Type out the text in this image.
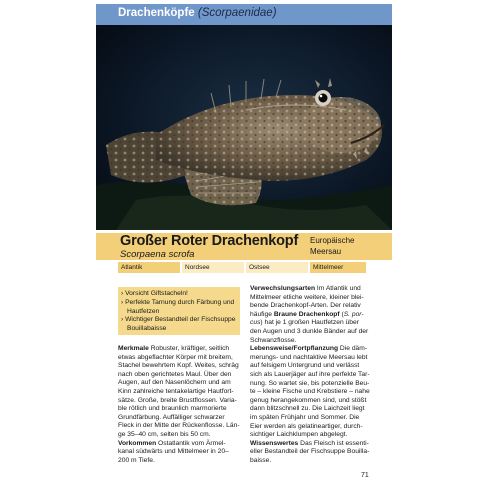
Drachenköpfe (Scorpaenidae)
Großer Roter Drachenkopf
Scorpaena scrofa
Europäische
Meersau
Atlantik	Nordsee	Ostsee	Mittelmeer
› Vorsicht Giftstacheln!
› Perfekte Tarnung durch Färbung und
Hautfetzen
› Wichtiger Bestandteil der Fischsuppe
Bouillabaisse
Merkmale Robuster, kräftiger, seitlich
etwas abgeflachter Körper mit breitem,
Stachel bewehrtem Kopf. Weites, schräg
nach oben gerichtetes Maul. Über den
Augen, auf den Nasenlöchern und am
Kinn zahlreiche tentakelartige Hautfort-
sätze. Große, breite Brustflossen. Varia-
ble rötlich und braunlich marmorierte
Grundfärbung. Auffälliger schwarzer
Fleck in der Mitte der Rückenflosse. Län-
ge 35–40 cm, selten bis 50 cm.
Vorkommen Ostatlantik vom Ärmel-
kanal südwärts und Mittelmeer in 20–
200 m Tiefe.
Verwechslungsarten Im Atlantik und
Mittelmeer etliche weitere, kleiner blei-
bende Drachenkopf-Arten. Der relativ
häufige Braune Drachenkopf (S. por-
cus) hat je 1 großen Hautfetzen über
den Augen und 3 dunkle Bänder auf der
Schwanzflosse.
Lebensweise/Fortpflanzung Die däm-
merungs- und nachtaktive Meersau lebt
auf felsigem Untergrund und verlässt
sich als Lauerjäger auf ihre perfekte Tar-
nung. So wartet sie, bis potenzielle Beu-
te – kleine Fische und Krebstiere – nahe
genug herangekommen sind, und stößt
dann blitzschnell zu. Die Laichzeit liegt
im späten Frühjahr und Sommer. Die
Eier werden als gelatineartiger, durch-
sichtiger Laichklumpen abgelegt.
Wissenswertes Das Fleisch ist essenti-
eller Bestandteil der Fischsuppe Bouilla-
baisse.
71
